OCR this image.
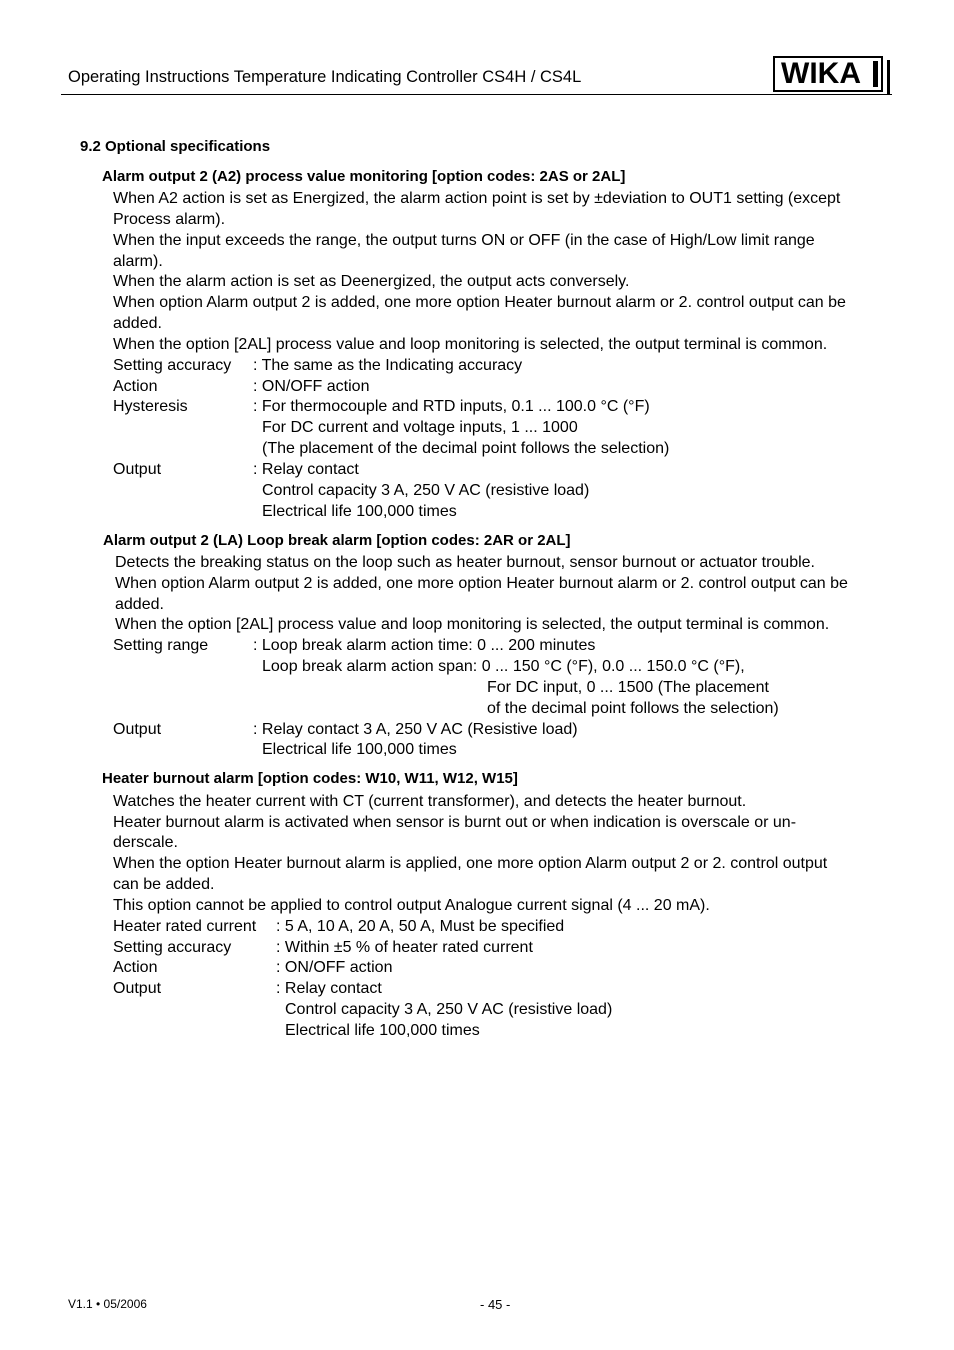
Operating Instructions Temperature Indicating Controller CS4H / CS4L	WIKA
9.2 Optional specifications
Alarm output 2 (A2) process value monitoring [option codes: 2AS or 2AL]
When A2 action is set as Energized, the alarm action point is set by ±deviation to OUT1 setting (except
Process alarm).
When the input exceeds the range, the output turns ON or OFF (in the case of High/Low limit range
alarm).
When the alarm action is set as Deenergized, the output acts conversely.
When option Alarm output 2 is added, one more option Heater burnout alarm or 2. control output can be
added.
When the option [2AL] process value and loop monitoring is selected, the output terminal is common.
Setting accuracy : The same as the Indicating accuracy
Action	: ON/OFF action
Hysteresis	: For thermocouple and RTD inputs, 0.1 ... 100.0 °C (°F)
For DC current and voltage inputs, 1 ... 1000
(The placement of the decimal point follows the selection)
Output	: Relay contact
Control capacity 3 A, 250 V AC (resistive load)
Electrical life 100,000 times
Alarm output 2 (LA) Loop break alarm [option codes: 2AR or 2AL]
Detects the breaking status on the loop such as heater burnout, sensor burnout or actuator trouble.
When option Alarm output 2 is added, one more option Heater burnout alarm or 2. control output can be
added.
When the option [2AL] process value and loop monitoring is selected, the output terminal is common.
Setting range	: Loop break alarm action time: 0 ... 200 minutes
Loop break alarm action span: 0 ... 150 °C (°F), 0.0 ... 150.0 °C (°F),
For DC input, 0 ... 1500 (The placement
of the decimal point follows the selection)
Output	: Relay contact 3 A, 250 V AC (Resistive load)
Electrical life 100,000 times
Heater burnout alarm [option codes: W10, W11, W12, W15]
Watches the heater current with CT (current transformer), and detects the heater burnout.
Heater burnout alarm is activated when sensor is burnt out or when indication is overscale or un-
derscale.
When the option Heater burnout alarm is applied, one more option Alarm output 2 or 2. control output
can be added.
This option cannot be applied to control output Analogue current signal (4 ... 20 mA).
Heater rated current : 5 A, 10 A, 20 A, 50 A, Must be specified
Setting accuracy	: Within ±5 % of heater rated current
Action	: ON/OFF action
Output	: Relay contact
Control capacity 3 A, 250 V AC (resistive load)
Electrical life 100,000 times
V1.1 • 05/2006	- 45 -
